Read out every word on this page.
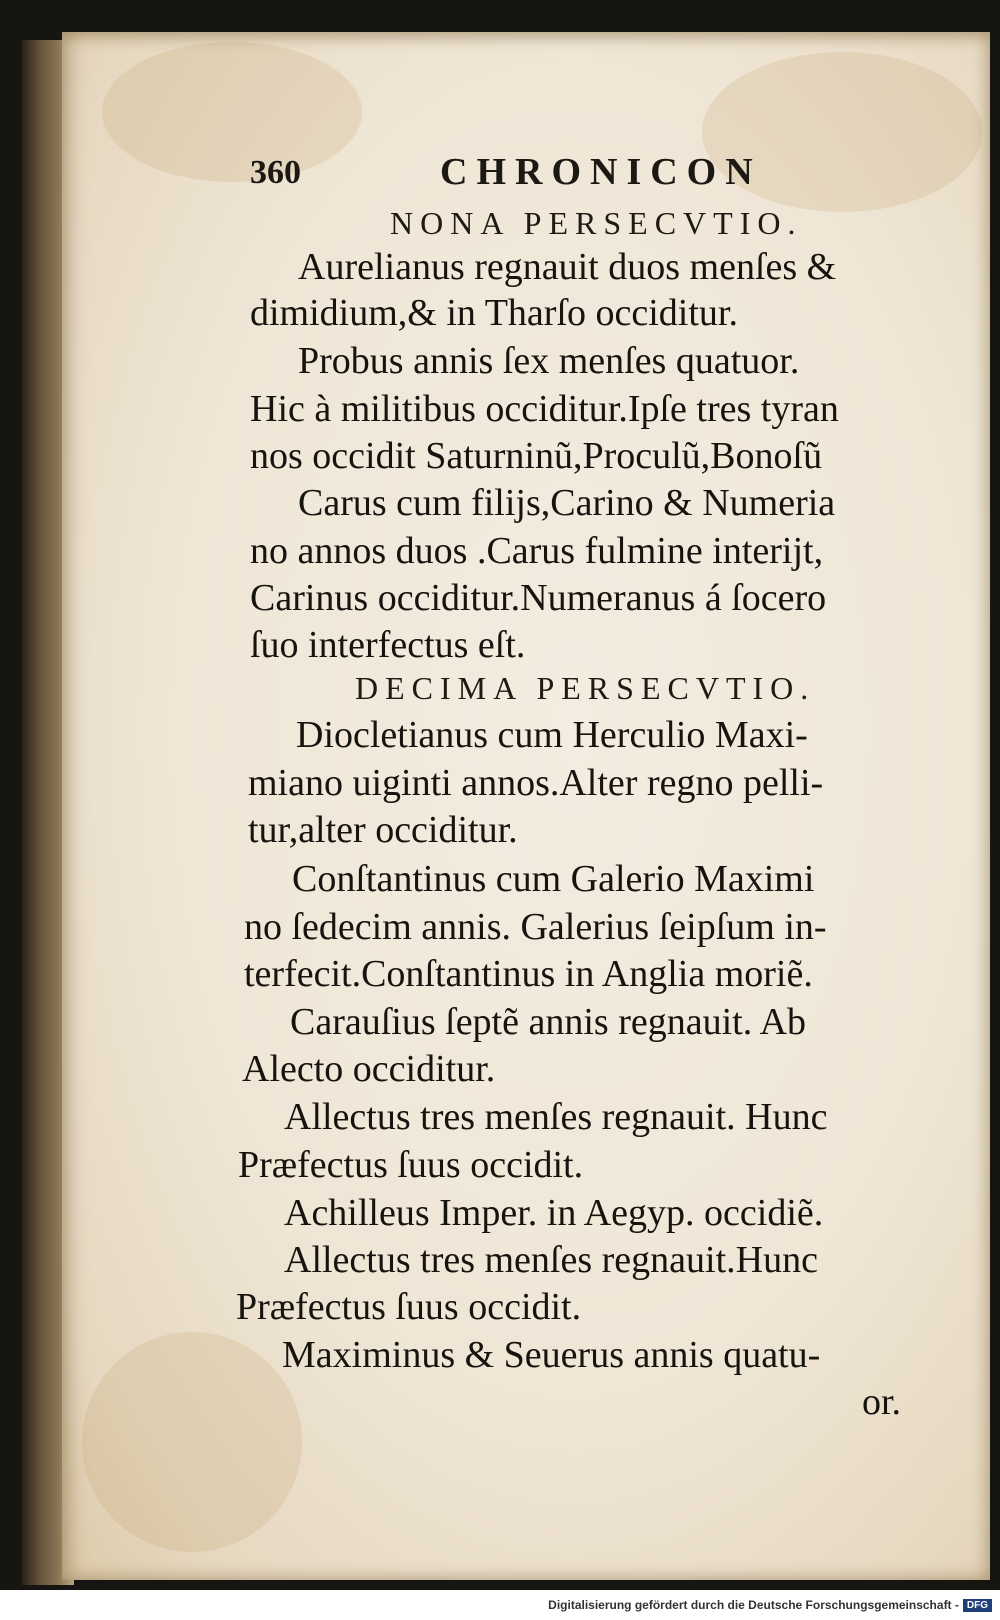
360	CHRONICON
NONA PERSECVTIO.
Aurelianus regnauit duos menſes &
dimidium,& in Tharſo occiditur.
Probus annis ſex menſes quatuor.
Hic à militibus occiditur.Ipſe tres tyran
nos occidit Saturninũ,Proculũ,Bonoſũ
Carus cum filijs,Carino & Numeria
no annos duos .Carus fulmine interijt,
Carinus occiditur.Numeranus á ſocero
ſuo interfectus eſt.
DECIMA PERSECVTIO.
Diocletianus cum Herculio Maxi-
miano uiginti annos.Alter regno pelli-
tur,alter occiditur.
Conſtantinus cum Galerio Maximi
no ſedecim annis. Galerius ſeipſum in-
terfecit.Conſtantinus in Anglia moriẽ.
Carauſius ſeptẽ annis regnauit. Ab
Alecto occiditur.
Allectus tres menſes regnauit. Hunc
Præfectus ſuus occidit.
Achilleus Imper. in Aegyp. occidiẽ.
Allectus tres menſes regnauit.Hunc
Præfectus ſuus occidit.
Maximinus & Seuerus annis quatu-
or.
Digitalisierung gefördert durch die Deutsche Forschungsgemeinschaft - DFG
